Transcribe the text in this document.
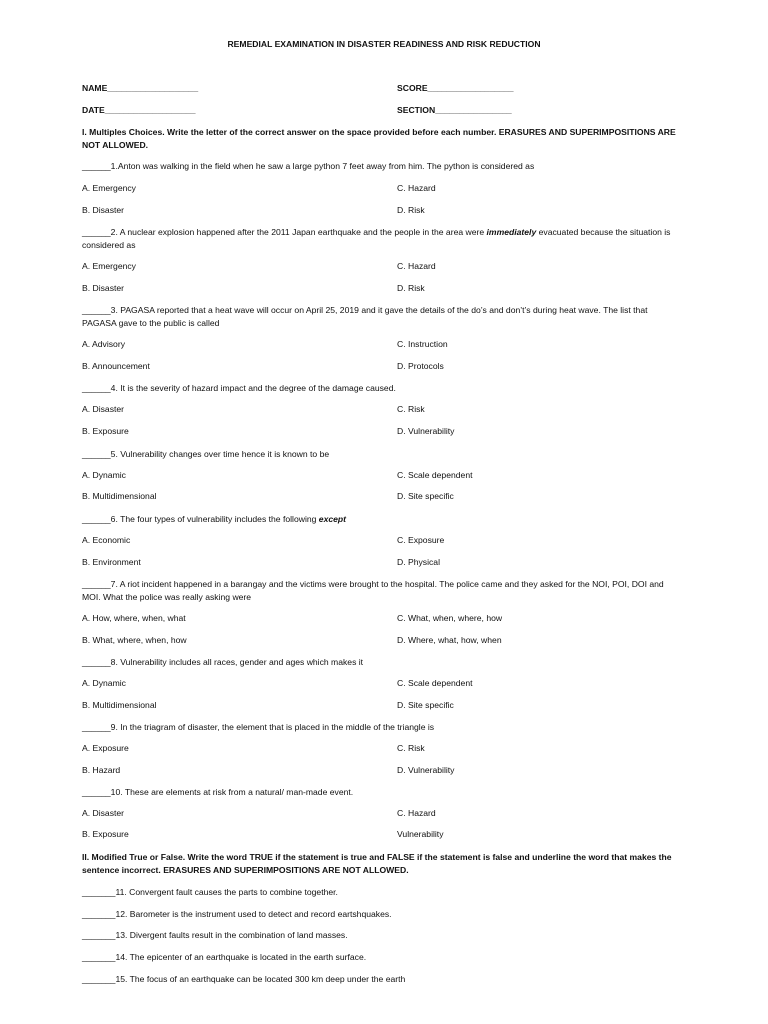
REMEDIAL EXAMINATION IN DISASTER READINESS AND RISK REDUCTION
NAME___________________	SCORE__________________
DATE___________________	SECTION________________
I. Multiples Choices. Write the letter of the correct answer on the space provided before each number. ERASURES AND SUPERIMPOSITIONS ARE NOT ALLOWED.
______1.Anton was walking in the field when he saw a large python 7 feet away from him. The python is considered as
A. Emergency	C. Hazard
B. Disaster	D. Risk
______2. A nuclear explosion happened after the 2011 Japan earthquake and the people in the area were immediately evacuated because the situation is considered as
A. Emergency	C. Hazard
B. Disaster	D. Risk
______3. PAGASA reported that a heat wave will occur on April 25, 2019 and it gave the details of the do’s and don’t’s during heat wave. The list that PAGASA gave to the public is called
A. Advisory	C. Instruction
B. Announcement	D. Protocols
______4. It is the severity of hazard impact and the degree of the damage caused.
A. Disaster	C. Risk
B. Exposure	D. Vulnerability
______5. Vulnerability changes over time hence it is known to be
A. Dynamic	C. Scale dependent
B. Multidimensional	D. Site specific
______6. The four types of vulnerability includes the following except
A. Economic	C. Exposure
B. Environment	D. Physical
______7. A riot incident happened in a barangay and the victims were brought to the hospital. The police came and they asked for the NOI, POI, DOI and MOI. What the police was really asking were
A. How, where, when, what	C. What, when, where, how
B. What, where, when, how	D. Where, what, how, when
______8. Vulnerability includes all races, gender and ages which makes it
A. Dynamic	C. Scale dependent
B. Multidimensional	D. Site specific
______9. In the triagram of disaster, the element that is placed in the middle of the triangle is
A. Exposure	C. Risk
B. Hazard	D. Vulnerability
______10. These are elements at risk from a natural/ man-made event.
A. Disaster	C. Hazard
B. Exposure	Vulnerability
II. Modified True or False. Write the word TRUE if the statement is true and FALSE if the statement is false and underline the word that makes the sentence incorrect. ERASURES AND SUPERIMPOSITIONS ARE NOT ALLOWED.
_______11. Convergent fault causes the parts to combine together.
_______12. Barometer is the instrument used to detect and record eartshquakes.
_______13. Divergent faults result in the combination of land masses.
_______14. The epicenter of an earthquake is located in the earth surface.
_______15. The focus of an earthquake can be located 300 km deep under the earth
